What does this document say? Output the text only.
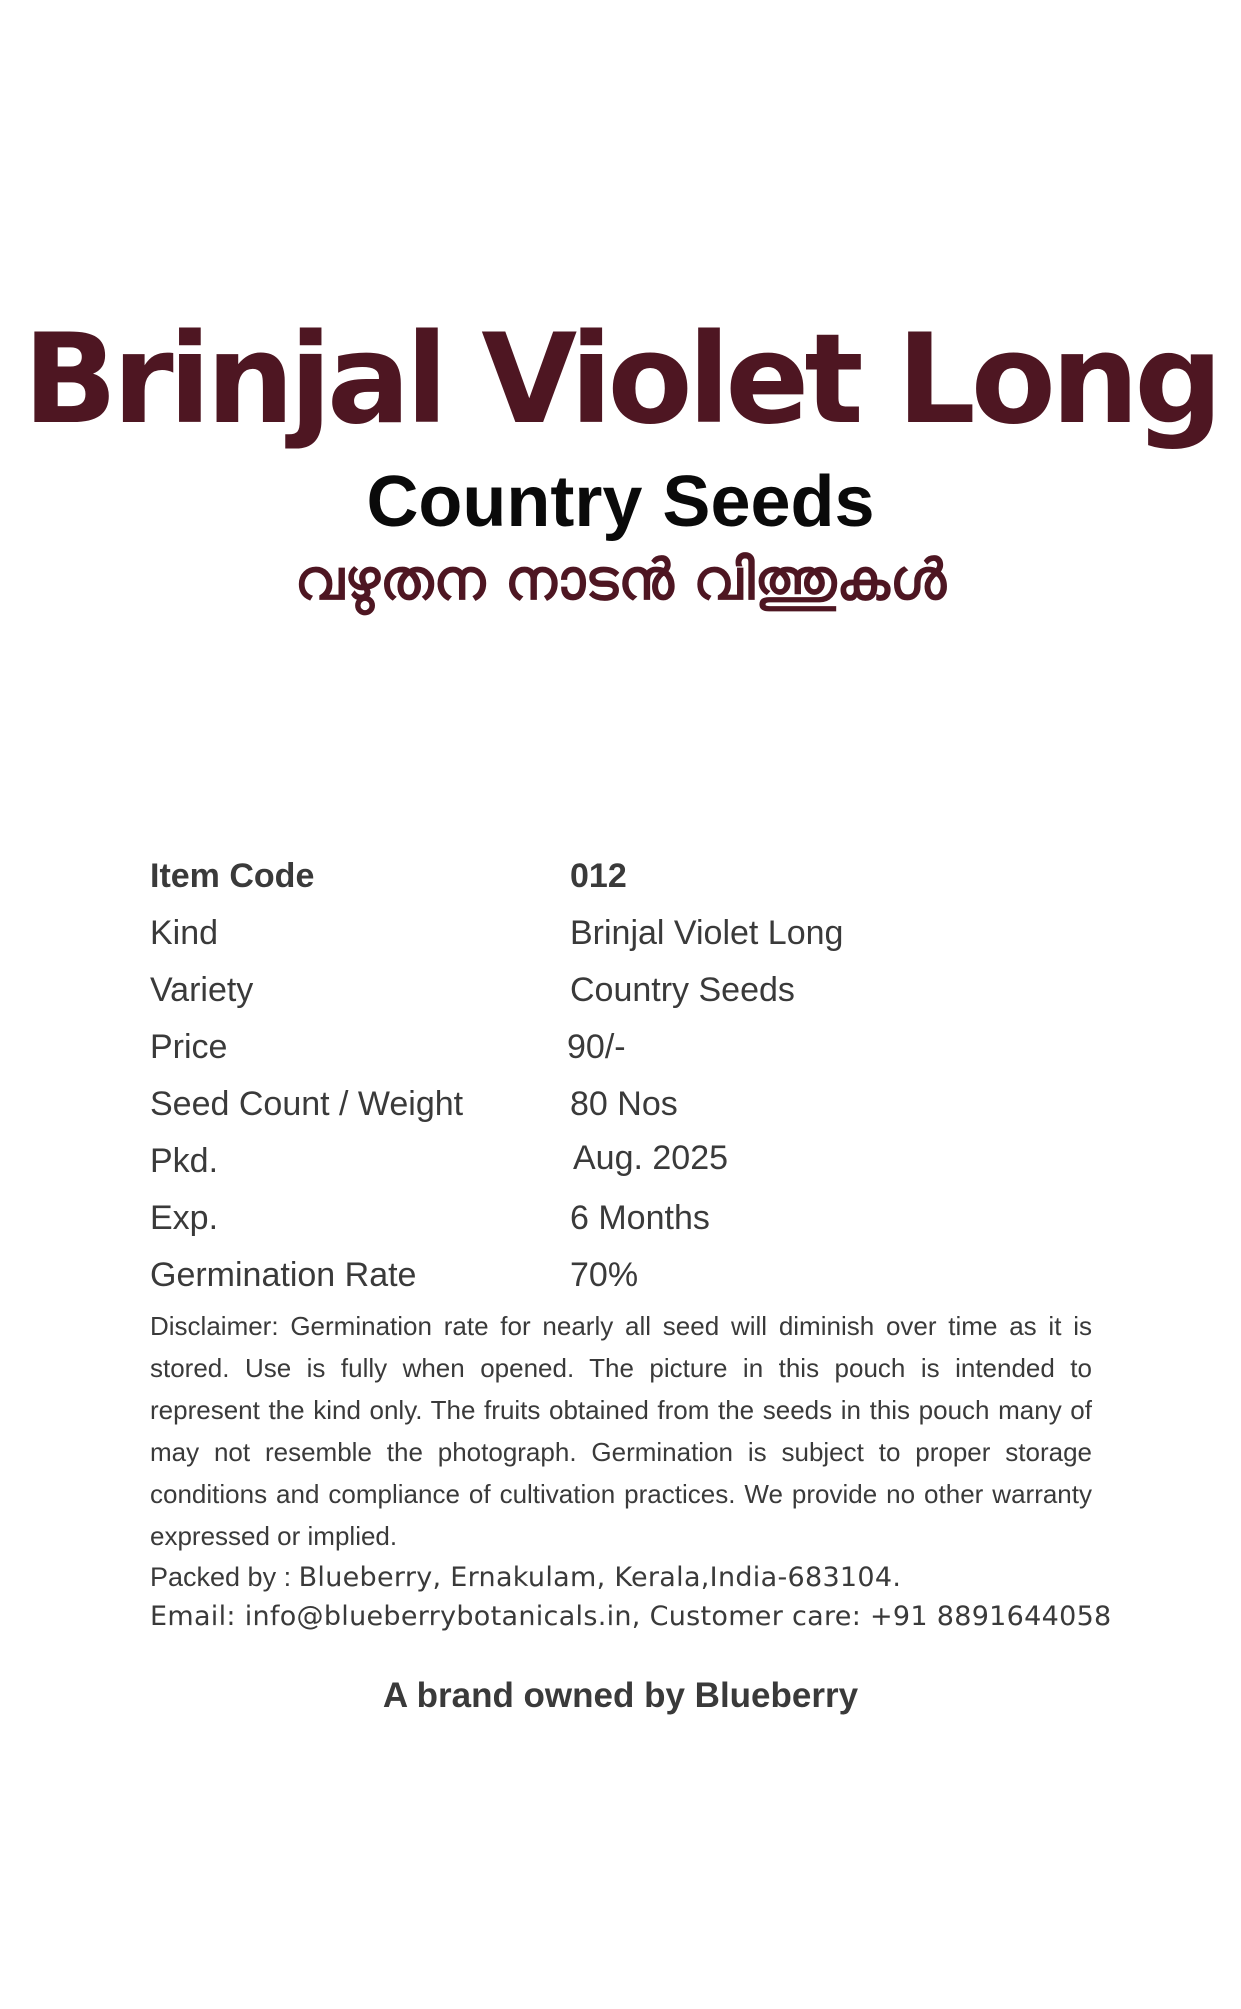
Brinjal Violet Long
Country Seeds
വഴുതന നാടൻ വിത്തുകൾ
Item Code	012
Kind	Brinjal Violet Long
Variety	Country Seeds
Price	90/-
Seed Count / Weight	80 Nos
Pkd.	Aug. 2025
Exp.	6 Months
Germination Rate	70%
Disclaimer: Germination rate for nearly all seed will diminish over time as it is stored. Use is fully when opened. The picture in this pouch is intended to represent the kind only. The fruits obtained from the seeds in this pouch many of may not resemble the photograph. Germination is subject to proper storage conditions and compliance of cultivation practices. We provide no other warranty expressed or implied.
Packed by : Blueberry, Ernakulam, Kerala,India-683104.
Email: info@blueberrybotanicals.in, Customer care: +91 8891644058
A brand owned by Blueberry
